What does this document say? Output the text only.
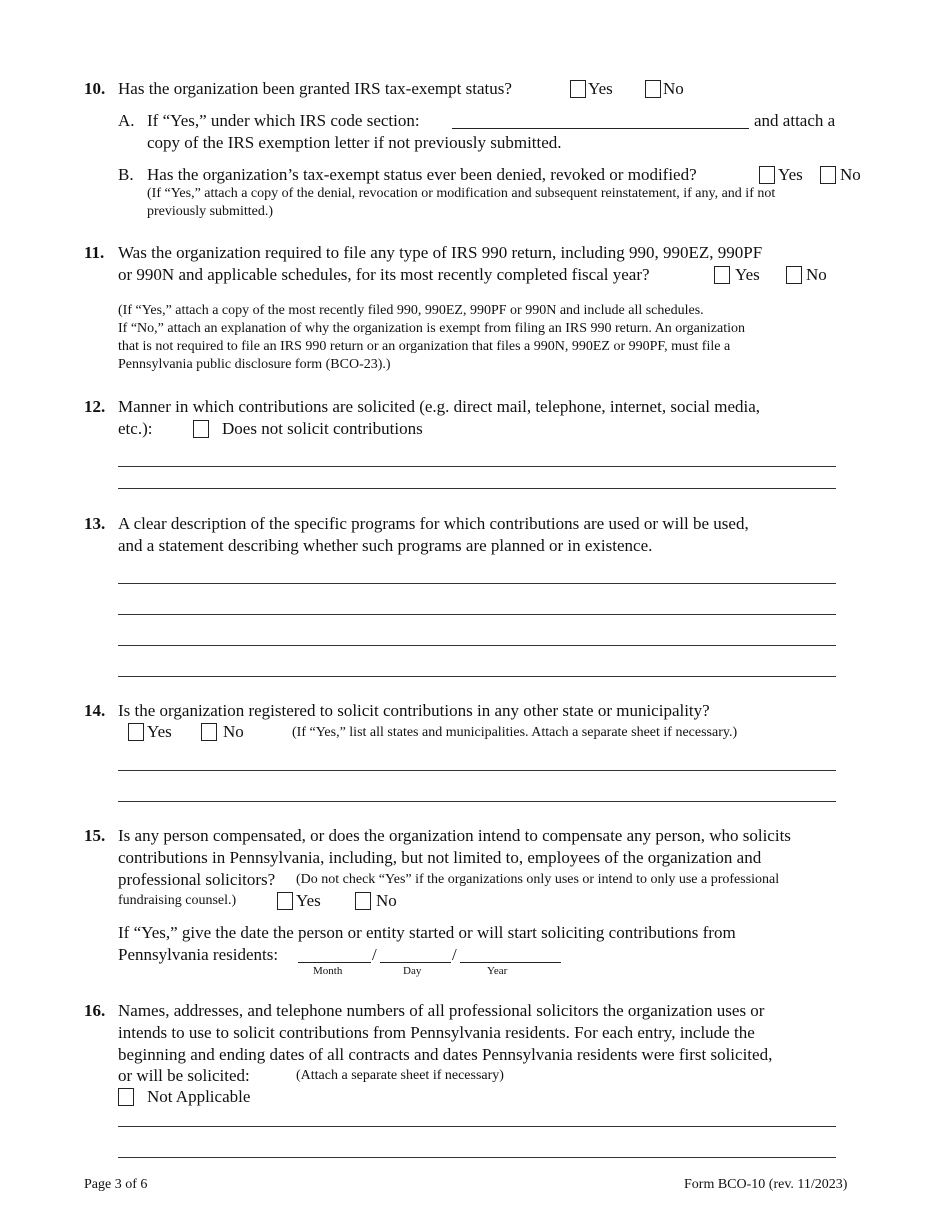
10. Has the organization been granted IRS tax-exempt status?	Yes	No
A. If “Yes,” under which IRS code section:	and attach a
copy of the IRS exemption letter if not previously submitted.
B. Has the organization’s tax-exempt status ever been denied, revoked or modified?	Yes No
(If “Yes,” attach a copy of the denial, revocation or modification and subsequent reinstatement, if any, and if not
previously submitted.)
11. Was the organization required to file any type of IRS 990 return, including 990, 990EZ, 990PF
or 990N and applicable schedules, for its most recently completed fiscal year?	Yes	No
(If “Yes,” attach a copy of the most recently filed 990, 990EZ, 990PF or 990N and include all schedules.
If “No,” attach an explanation of why the organization is exempt from filing an IRS 990 return. An organization
that is not required to file an IRS 990 return or an organization that files a 990N, 990EZ or 990PF, must file a
Pennsylvania public disclosure form (BCO-23).)
12. Manner in which contributions are solicited (e.g. direct mail, telephone, internet, social media,
etc.):	Does not solicit contributions
13. A clear description of the specific programs for which contributions are used or will be used,
and a statement describing whether such programs are planned or in existence.
14. Is the organization registered to solicit contributions in any other state or municipality?
Yes	No	(If “Yes,” list all states and municipalities. Attach a separate sheet if necessary.)
15. Is any person compensated, or does the organization intend to compensate any person, who solicits
contributions in Pennsylvania, including, but not limited to, employees of the organization and
professional solicitors? (Do not check “Yes” if the organizations only uses or intend to only use a professional
fundraising counsel.)	Yes	No
If “Yes,” give the date the person or entity started or will start soliciting contributions from
Pennsylvania residents:	/	/
Month	Day	Year
16. Names, addresses, and telephone numbers of all professional solicitors the organization uses or
intends to use to solicit contributions from Pennsylvania residents. For each entry, include the
beginning and ending dates of all contracts and dates Pennsylvania residents were first solicited,
or will be solicited:	(Attach a separate sheet if necessary)
Not Applicable
Page 3 of 6	Form BCO-10 (rev. 11/2023)
